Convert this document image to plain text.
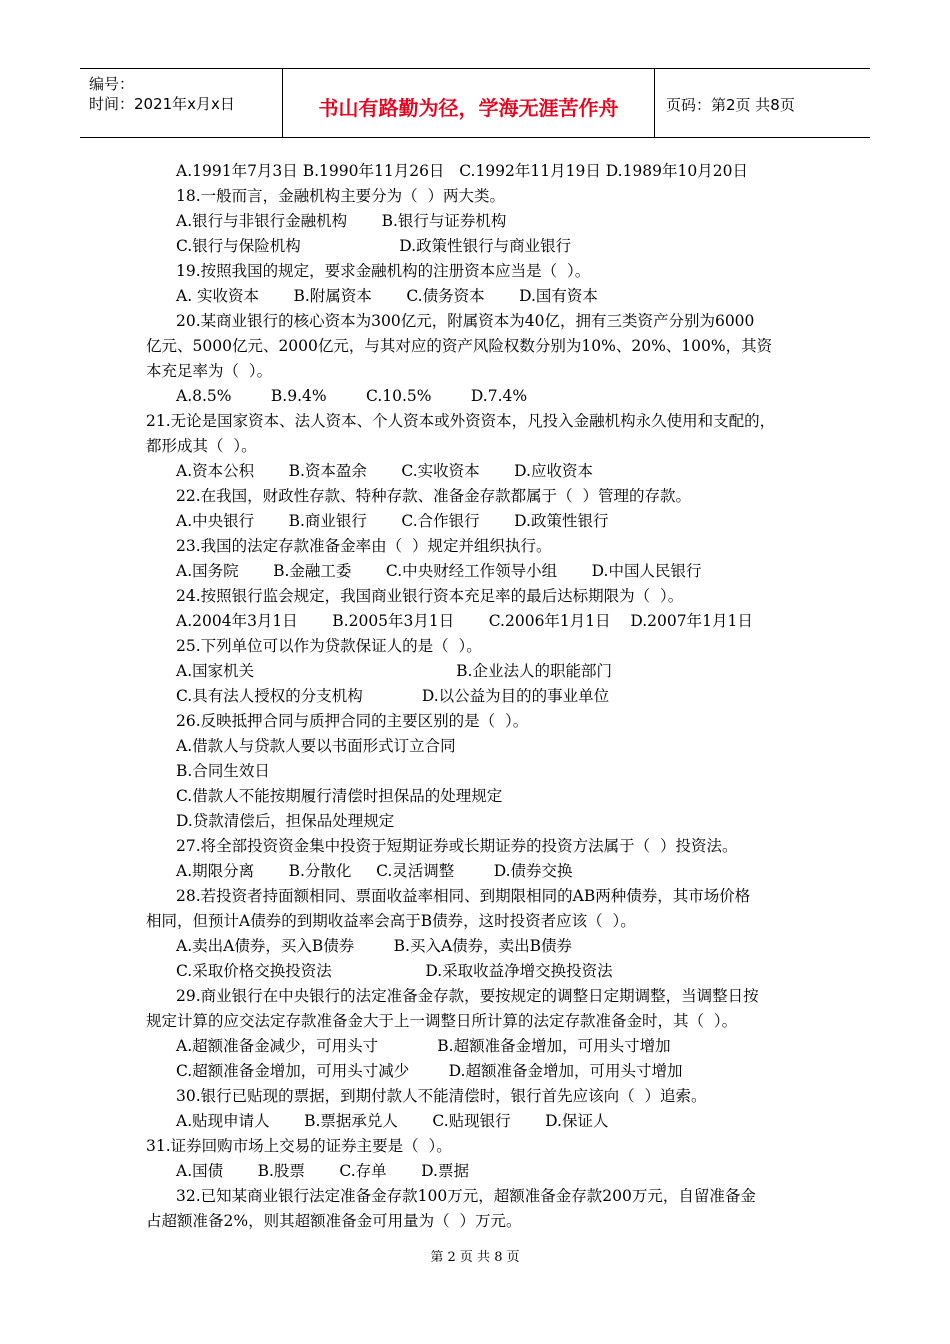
编号：
时间：2021年x月x日	书山有路勤为径，学海无涯苦作舟	页码：第2页 共8页
A.1991年7月3日 B.1990年11月26日   C.1992年11月19日 D.1989年10月20日
18.一般而言，金融机构主要分为（  ）两大类。
A.银行与非银行金融机构       B.银行与证券机构
C.银行与保险机构                    D.政策性银行与商业银行
19.按照我国的规定，要求金融机构的注册资本应当是（  ）。
A. 实收资本       B.附属资本       C.债务资本       D.国有资本
20.某商业银行的核心资本为300亿元，附属资本为40亿，拥有三类资产分别为6000
亿元、5000亿元、2000亿元，与其对应的资产风险权数分别为10%、20%、100%，其资
本充足率为（  ）。
A.8.5%        B.9.4%        C.10.5%        D.7.4%
21.无论是国家资本、法人资本、个人资本或外资资本，凡投入金融机构永久使用和支配的，
都形成其（  ）。
A.资本公积       B.资本盈余       C.实收资本       D.应收资本
22.在我国，财政性存款、特种存款、准备金存款都属于（  ）管理的存款。
A.中央银行       B.商业银行       C.合作银行       D.政策性银行
23.我国的法定存款准备金率由（  ）规定并组织执行。
A.国务院       B.金融工委       C.中央财经工作领导小组       D.中国人民银行
24.按照银行监会规定，我国商业银行资本充足率的最后达标期限为（  ）。
A.2004年3月1日       B.2005年3月1日       C.2006年1月1日    D.2007年1月1日
25.下列单位可以作为贷款保证人的是（  ）。
A.国家机关                                         B.企业法人的职能部门
C.具有法人授权的分支机构            D.以公益为目的的事业单位
26.反映抵押合同与质押合同的主要区别的是（  ）。
A.借款人与贷款人要以书面形式订立合同
B.合同生效日
C.借款人不能按期履行清偿时担保品的处理规定
D.贷款清偿后，担保品处理规定
27.将全部投资资金集中投资于短期证券或长期证券的投资方法属于（  ）投资法。
A.期限分离       B.分散化     C.灵活调整        D.债券交换
28.若投资者持面额相同、票面收益率相同、到期限相同的AB两种债券，其市场价格
相同，但预计A债券的到期收益率会高于B债券，这时投资者应该（  ）。
A.卖出A债券，买入B债券        B.买入A债券，卖出B债券
C.采取价格交换投资法                   D.采取收益净增交换投资法
29.商业银行在中央银行的法定准备金存款，要按规定的调整日定期调整，当调整日按
规定计算的应交法定存款准备金大于上一调整日所计算的法定存款准备金时，其（  ）。
A.超额准备金减少，可用头寸            B.超额准备金增加，可用头寸增加
C.超额准备金增加，可用头寸减少        D.超额准备金增加，可用头寸增加
30.银行已贴现的票据，到期付款人不能清偿时，银行首先应该向（  ）追索。
A.贴现申请人       B.票据承兑人       C.贴现银行       D.保证人
31.证券回购市场上交易的证券主要是（  ）。
A.国债       B.股票       C.存单       D.票据
32.已知某商业银行法定准备金存款100万元，超额准备金存款200万元，自留准备金
占超额准备2%，则其超额准备金可用量为（  ）万元。
第 2 页 共 8 页
